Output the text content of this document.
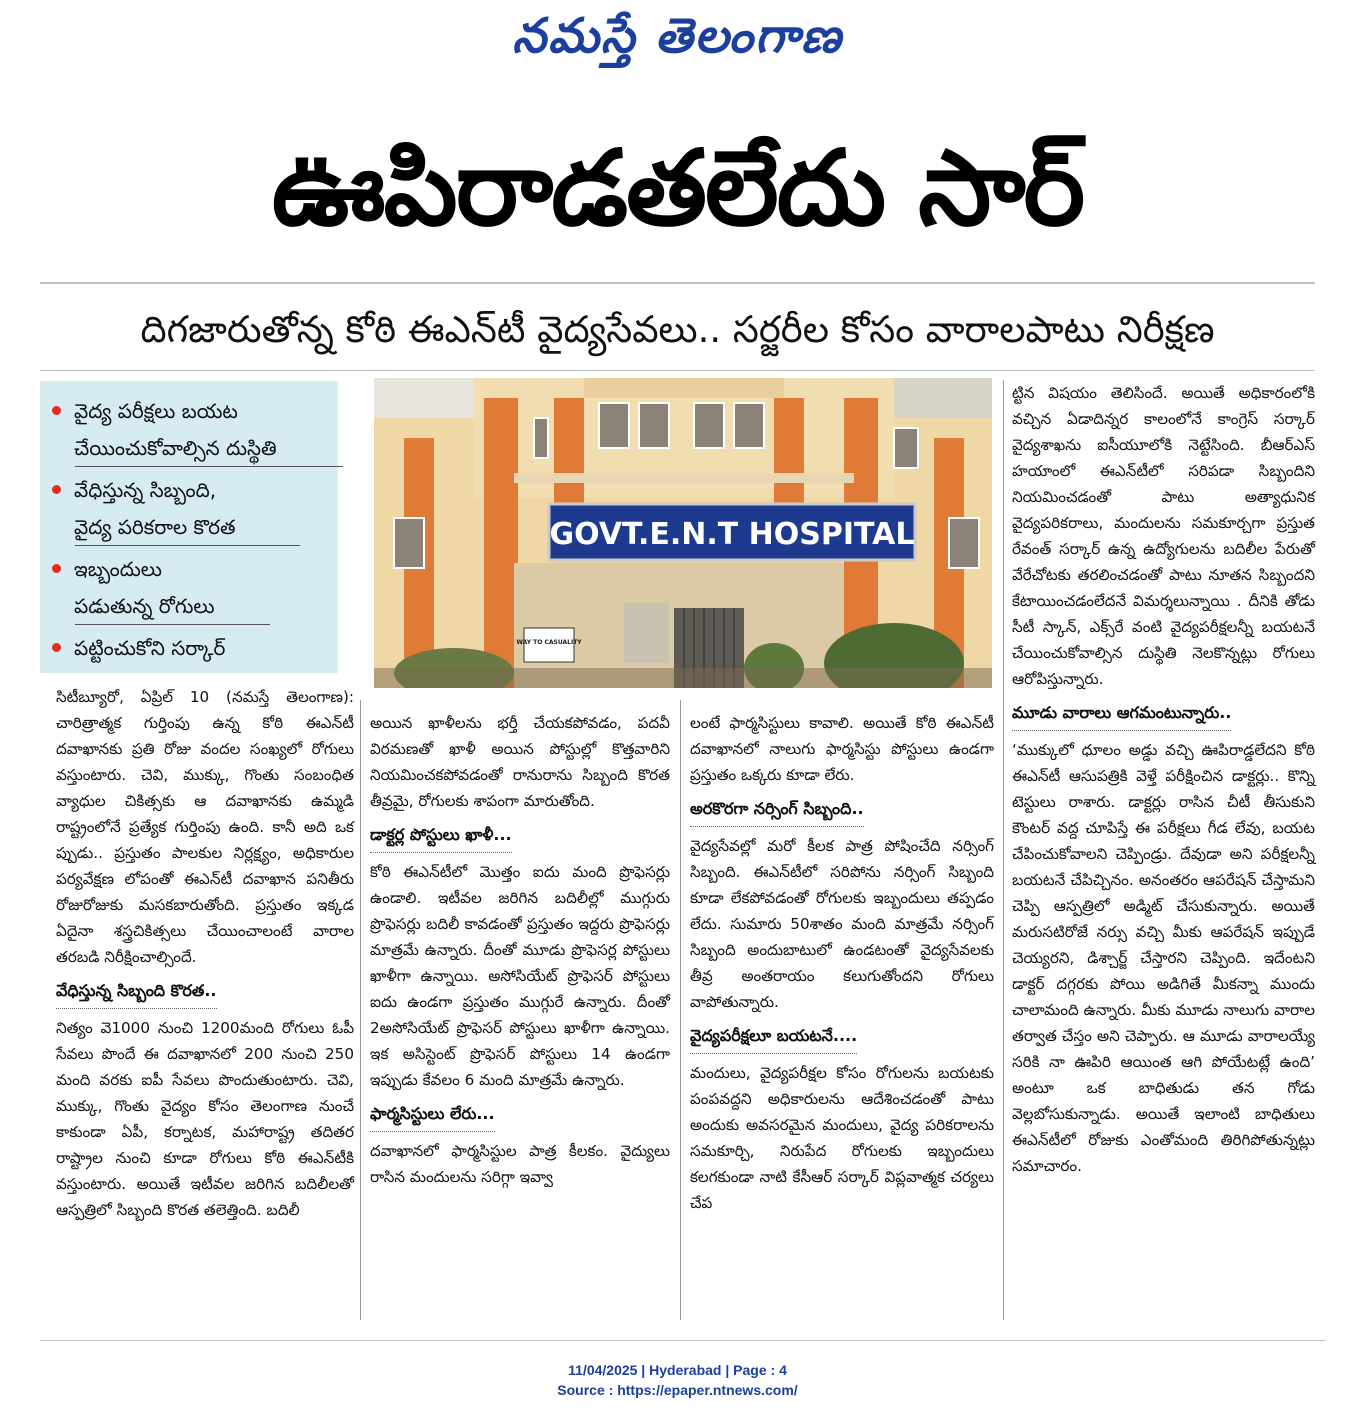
నమస్తే తెలంగాణ
ఊపిరాడతలేదు సార్
దిగజారుతోన్న కోఠి ఈఎన్‌టీ వైద్యసేవలు.. సర్జరీల కోసం వారాలపాటు నిరీక్షణ
వైద్య పరీక్షలు బయట
చేయించుకోవాల్సిన దుస్థితి
వేధిస్తున్న సిబ్బంది,
వైద్య పరికరాల కొరత
ఇబ్బందులు
పడుతున్న రోగులు
పట్టించుకోని సర్కార్
GOVT.E.N.T HOSPITAL
WAY TO CASUALITY

సిటీబ్యూరో, ఏప్రిల్ 10 (నమస్తే తెలంగాణ): చారిత్రాత్మక గుర్తింపు ఉన్న కోఠి ఈఎన్‌టీ దవాఖానకు ప్రతి రోజు వందల సంఖ్యలో రోగులు వస్తుంటారు. చెవి, ముక్కు, గొంతు సంబంధిత వ్యాధుల చికిత్సకు ఆ దవాఖానకు ఉమ్మడి రాష్ట్రంలోనే ప్రత్యేక గుర్తింపు ఉంది. కానీ అది ఒక ప్పుడు.. ప్రస్తుతం పాలకుల నిర్లక్ష్యం, అధికారుల పర్యవేక్షణ లోపంతో ఈఎన్‌టీ దవాఖాన పనితీరు రోజురోజుకు మసకబారుతోంది. ప్రస్తుతం ఇక్కడ ఏదైనా శస్త్రచికిత్సలు చేయించాలంటే వారాల తరబడి నిరీక్షించాల్సిందే.

వేధిస్తున్న సిబ్బంది కొరత..

నిత్యం వె1000 నుంచి 1200మంది రోగులు ఓపీ సేవలు పొందే ఈ దవాఖానలో 200 నుంచి 250 మంది వరకు ఐపీ సేవలు పొందుతుంటారు. చెవి, ముక్కు, గొంతు వైద్యం కోసం తెలంగాణ నుంచే కాకుండా ఏపీ, కర్నాటక, మహారాష్ట్ర తదితర రాష్ట్రాల నుంచి కూడా రోగులు కోఠి ఈఎన్‌టీకి వస్తుంటారు. అయితే ఇటీవల జరిగిన బదిలీలతో ఆస్పత్రిలో సిబ్బంది కొరత తలెత్తింది. బదిలీ

అయిన ఖాళీలను భర్తీ చేయకపోవడం, పదవీ విరమణతో ఖాళీ అయిన పోస్టుల్లో కొత్తవారిని నియమించకపోవడంతో రానురాను సిబ్బంది కొరత తీవ్రమై, రోగులకు శాపంగా మారుతోంది.

డాక్టర్ల పోస్టులు ఖాళీ...

కోఠి ఈఎన్‌టీలో మొత్తం ఐదు మంది ప్రొఫెసర్లు ఉండాలి. ఇటీవల జరిగిన బదిలీల్లో ముగ్గురు ప్రొఫెసర్లు బదిలీ కావడంతో ప్రస్తుతం ఇద్దరు ప్రొఫెసర్లు మాత్రమే ఉన్నారు. దీంతో మూడు ప్రొఫెసర్ల పోస్టులు ఖాళీగా ఉన్నాయి. అసోసియేట్ ప్రొఫెసర్ పోస్టులు ఐదు ఉండగా ప్రస్తుతం ముగ్గురే ఉన్నారు. దీంతో 2అసోసియేట్ ప్రొఫెసర్ పోస్టులు ఖాళీగా ఉన్నాయి. ఇక అసిస్టెంట్ ప్రొఫెసర్ పోస్టులు 14 ఉండగా ఇప్పుడు కేవలం 6 మంది మాత్రమే ఉన్నారు.

ఫార్మసిస్టులు లేరు...

దవాఖానలో ఫార్మసిస్టుల పాత్ర కీలకం. వైద్యులు రాసిన మందులను సరిగ్గా ఇవ్వా

లంటే ఫార్మసిస్టులు కావాలి. అయితే కోఠి ఈఎన్‌టీ దవాఖానలో నాలుగు ఫార్మసిస్టు పోస్టులు ఉండగా ప్రస్తుతం ఒక్కరు కూడా లేరు.

అరకొరగా నర్సింగ్ సిబ్బంది..

వైద్యసేవల్లో మరో కీలక పాత్ర పోషించేది నర్సింగ్ సిబ్బంది. ఈఎన్‌టీలో సరిపోను నర్సింగ్ సిబ్బంది కూడా లేకపోవడంతో రోగులకు ఇబ్బందులు తప్పడం లేదు. సుమారు 50శాతం మంది మాత్రమే నర్సింగ్ సిబ్బంది అందుబాటులో ఉండటంతో వైద్యసేవలకు తీవ్ర అంతరాయం కలుగుతోందని రోగులు వాపోతున్నారు.

వైద్యపరీక్షలూ బయటనే....

మందులు, వైద్యపరీక్షల కోసం రోగులను బయటకు పంపవద్దని అధికారులను ఆదేశించడంతో పాటు అందుకు అవసరమైన మందులు, వైద్య పరికరాలను సమకూర్చి, నిరుపేద రోగులకు ఇబ్బందులు కలగకుండా నాటి కేసీఆర్ సర్కార్ విప్లవాత్మక చర్యలు చేప

ట్టిన విషయం తెలిసిందే. అయితే అధికారంలోకి వచ్చిన ఏడాదిన్నర కాలంలోనే కాంగ్రెస్ సర్కార్ వైద్యశాఖను ఐసీయూలోకి నెట్టేసింది. బీఆర్‌ఎస్ హయాంలో ఈఎన్‌టీలో సరిపడా సిబ్బందిని నియమించడంతో పాటు అత్యాధునిక వైద్యపరికరాలు, మందులను సమకూర్చగా ప్రస్తుత రేవంత్ సర్కార్ ఉన్న ఉద్యోగులను బదిలీల పేరుతో వేరేచోటకు తరలించడంతో పాటు నూతన సిబ్బందని కేటాయించడంలేదనే విమర్శలున్నాయి . దీనికి తోడు సీటీ స్కాన్, ఎక్స్‌రే వంటి వైద్యపరీక్షలన్నీ బయటనే చేయించుకోవాల్సిన దుస్థితి నెలకొన్నట్లు రోగులు ఆరోపిస్తున్నారు.

మూడు వారాలు ఆగమంటున్నారు..

‘ముక్కులో ధూలం అడ్డు వచ్చి ఊపిరాడ్డలేదని కోఠి ఈఎన్‌టీ ఆసుపత్రికి వెళ్తే పరీక్షించిన డాక్టర్లు.. కొన్ని టెస్టులు రాశారు. డాక్టర్లు రాసిన చీటీ తీసుకుని కౌంటర్ వద్ద చూపిస్తే ఈ పరీక్షలు గీడ లేవు, బయట చేపించుకోవాలని చెప్పిండ్రు. దేవుడా అని పరీక్షలన్నీ బయటనే చేపిచ్చినం. అనంతరం ఆపరేషన్ చేస్తామని చెప్పి ఆస్పత్రిలో అడ్మిట్ చేసుకున్నారు. అయితే మరుసటిరోజే నర్సు వచ్చి మీకు ఆపరేషన్ ఇప్పుడే చెయ్యరని, డిశ్చార్జ్ చేస్తారని చెప్పింది. ఇదేంటని డాక్టర్ దగ్గరకు పోయి అడిగితే మీకన్నా ముందు చాలామంది ఉన్నారు. మీకు మూడు నాలుగు వారాల తర్వాత చేస్తం అని చెప్పారు. ఆ మూడు వారాలయ్యే సరికి నా ఊపిరి ఆయింత ఆగి పోయేటట్లే ఉంది’ అంటూ ఒక బాధితుడు తన గోడు వెల్లబోసుకున్నాడు. అయితే ఇలాంటి బాధితులు ఈఎన్‌టీలో రోజుకు ఎంతోమంది తిరిగిపోతున్నట్లు సమాచారం.

11/04/2025 | Hyderabad | Page : 4
Source : https://epaper.ntnews.com/
